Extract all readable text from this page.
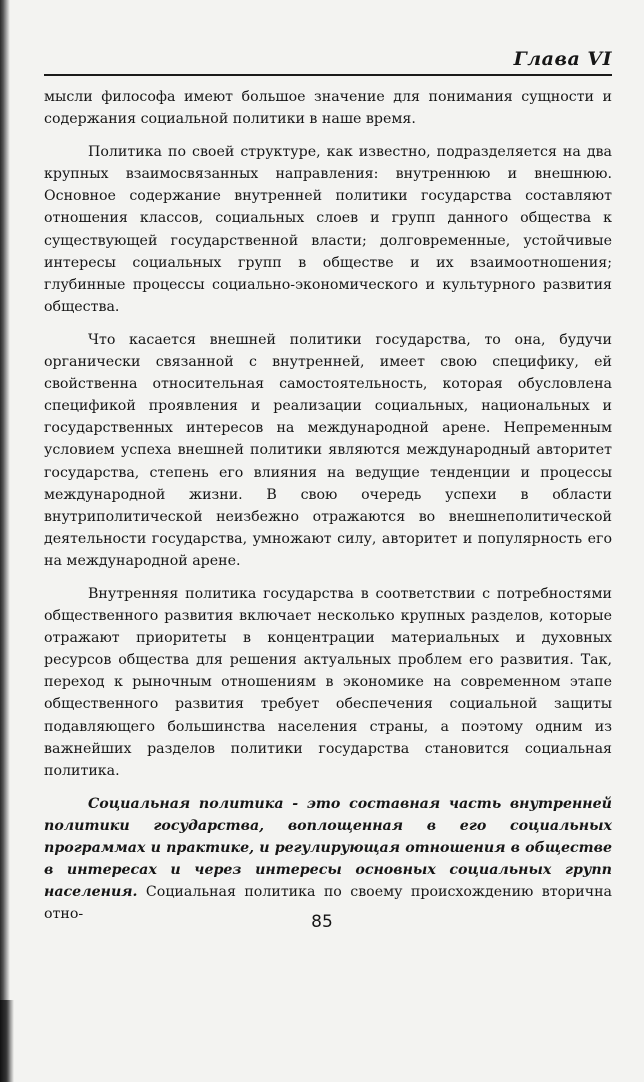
Глава VI

мысли философа имеют большое значение для понимания сущности и содержания социальной политики в наше время.

Политика по своей структуре, как известно, подразделяется на два крупных взаимосвязанных направления: внутреннюю и внешнюю. Основное содержание внутренней политики государства составляют отношения классов, социальных слоев и групп данного общества к существующей государственной власти; долговременные, устойчивые интересы социальных групп в обществе и их взаимоотношения; глубинные процессы социально-экономического и культурного развития общества.

Что касается внешней политики государства, то она, будучи органически связанной с внутренней, имеет свою специфику, ей свойственна относительная самостоятельность, которая обусловлена спецификой проявления и реализации социальных, национальных и государственных интересов на международной арене. Непременным условием успеха внешней политики являются международный авторитет государства, степень его влияния на ведущие тенденции и процессы международной жизни. В свою очередь успехи в области внутриполитической неизбежно отражаются во внешнеполитической деятельности государства, умножают силу, авторитет и популярность его на международной арене.

Внутренняя политика государства в соответствии с потребностями общественного развития включает несколько крупных разделов, которые отражают приоритеты в концентрации материальных и духовных ресурсов общества для решения актуальных проблем его развития. Так, переход к рыночным отношениям в экономике на современном этапе общественного развития требует обеспечения социальной защиты подавляющего большинства населения страны, а поэтому одним из важнейших разделов политики государства становится социальная политика.

Социальная политика - это составная часть внутренней политики государства, воплощенная в его социальных программах и практике, и регулирующая отношения в обществе в интересах и через интересы основных социальных групп населения. Социальная политика по своему происхождению вторична отно-	85
